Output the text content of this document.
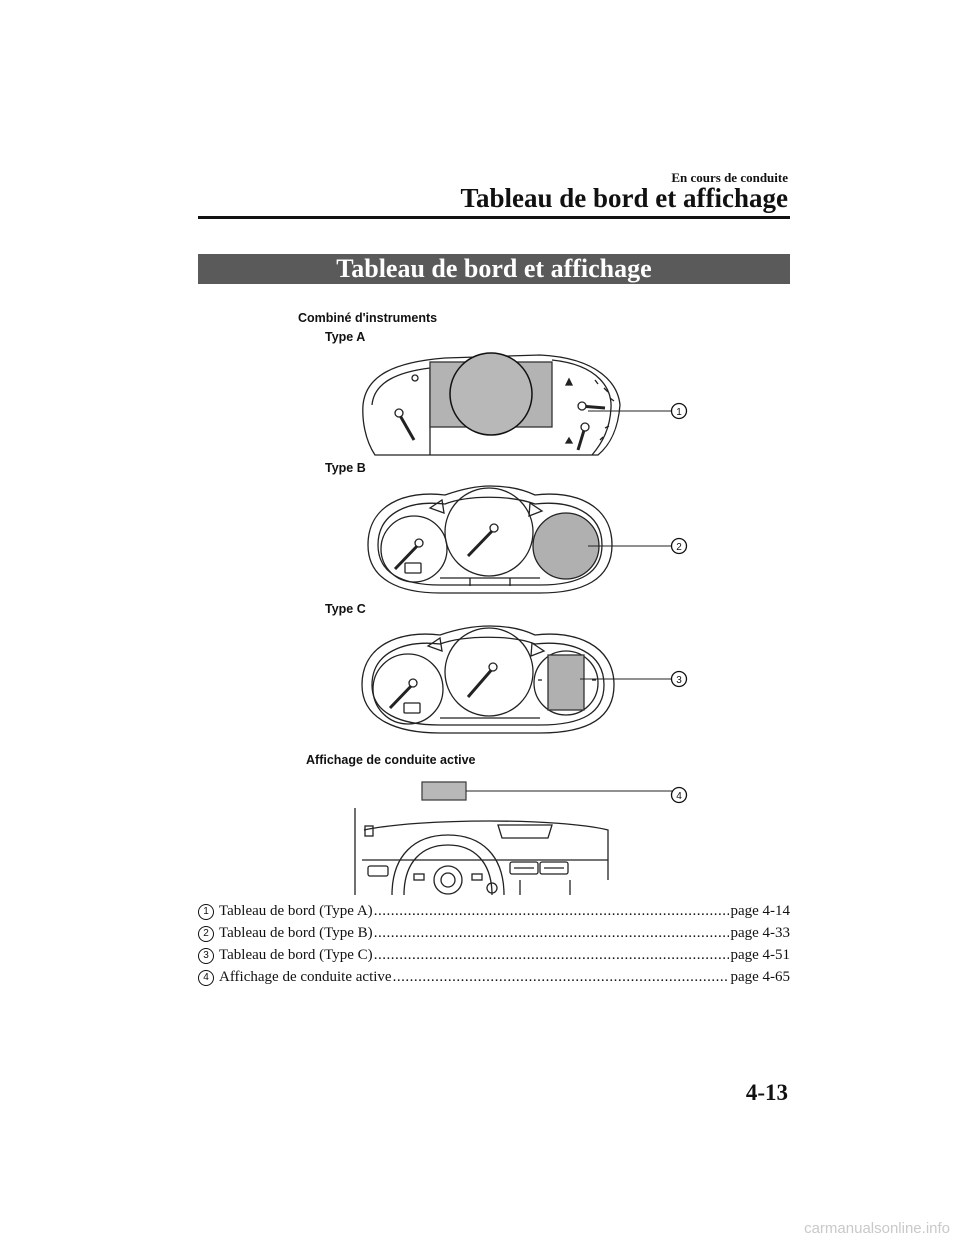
En cours de conduite
Tableau de bord et affichage
Tableau de bord et affichage
1
2
3
4
Combiné d'instruments
Type A
Type B
Type C
Affichage de conduite active
1 Tableau de bord (Type A) .....	page 4-14
2 Tableau de bord (Type B) .....	page 4-33
3 Tableau de bord (Type C) .....	page 4-51
4 Affichage de conduite active .....	page 4-65
4-13
carmanualsonline.info
